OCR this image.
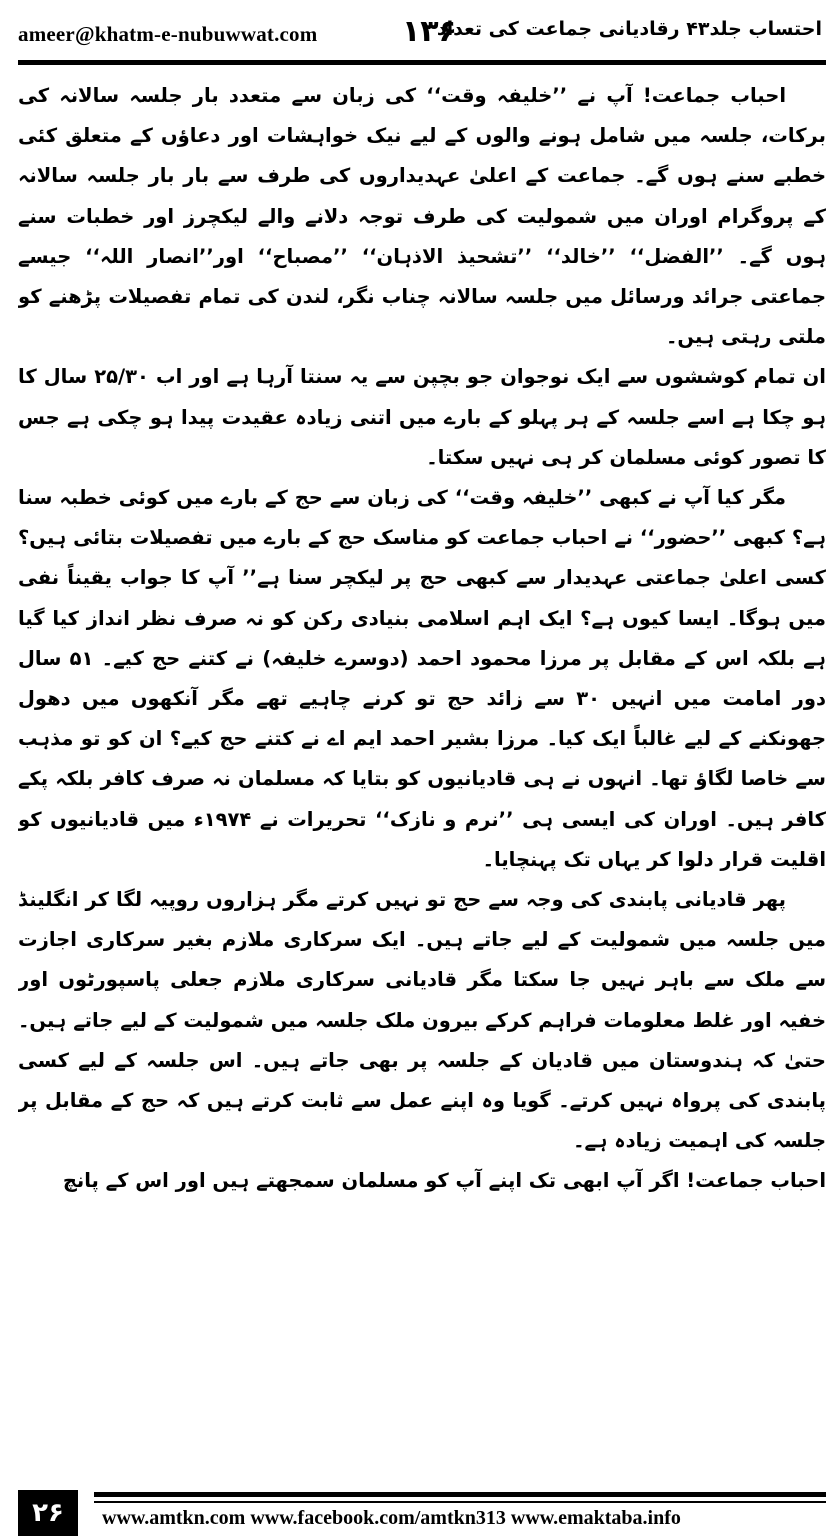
ameer@khatm-e-nubuwwat.com	۱۳۶
احتساب جلد۴۳ رقادیانی جماعت کی تعداد

احباب جماعت! آپ نے ’’خلیفہ وقت‘‘ کی زبان سے متعدد بار جلسہ سالانہ کی برکات، جلسہ میں شامل ہونے والوں کے لیے نیک خواہشات اور دعاؤں کے متعلق کئی خطبے سنے ہوں گے۔ جماعت کے اعلیٰ عہدیداروں کی طرف سے بار بار جلسہ سالانہ کے پروگرام اوران میں شمولیت کی طرف توجہ دلانے والے لیکچرز اور خطبات سنے ہوں گے۔ ’’الفضل‘‘ ’’خالد‘‘ ’’تشحیذ الاذہان‘‘ ’’مصباح‘‘ اور’’انصار اللہ‘‘ جیسے جماعتی جرائد ورسائل میں جلسہ سالانہ چناب نگر، لندن کی تمام تفصیلات پڑھنے کو ملتی رہتی ہیں۔

ان تمام کوششوں سے ایک نوجوان جو بچپن سے یہ سنتا آرہا ہے اور اب ۲۵/۳۰ سال کا ہو چکا ہے اسے جلسہ کے ہر پہلو کے بارے میں اتنی زیادہ عقیدت پیدا ہو چکی ہے جس کا تصور کوئی مسلمان کر ہی نہیں سکتا۔

مگر کیا آپ نے کبھی ’’خلیفہ وقت‘‘ کی زبان سے حج کے بارے میں کوئی خطبہ سنا ہے؟ کبھی ’’حضور‘‘ نے احباب جماعت کو مناسک حج کے بارے میں تفصیلات بتائی ہیں؟ کسی اعلیٰ جماعتی عہدیدار سے کبھی حج پر لیکچر سنا ہے’’ آپ کا جواب یقیناً نفی میں ہوگا۔ ایسا کیوں ہے؟ ایک اہم اسلامی بنیادی رکن کو نہ صرف نظر انداز کیا گیا ہے بلکہ اس کے مقابل پر مرزا محمود احمد (دوسرے خلیفہ) نے کتنے حج کیے۔ ۵۱ سال دور امامت میں انہیں ۳۰ سے زائد حج تو کرنے چاہیے تھے مگر آنکھوں میں دھول جھونکنے کے لیے غالباً ایک کیا۔ مرزا بشیر احمد ایم اے نے کتنے حج کیے؟ ان کو تو مذہب سے خاصا لگاؤ تھا۔ انہوں نے ہی قادیانیوں کو بتایا کہ مسلمان نہ صرف کافر بلکہ پکے کافر ہیں۔ اوران کی ایسی ہی ’’نرم و نازک‘‘ تحریرات نے ۱۹۷۴ء میں قادیانیوں کو اقلیت قرار دلوا کر یہاں تک پہنچایا۔

پھر قادیانی پابندی کی وجہ سے حج تو نہیں کرتے مگر ہزاروں روپیہ لگا کر انگلینڈ میں جلسہ میں شمولیت کے لیے جاتے ہیں۔ ایک سرکاری ملازم بغیر سرکاری اجازت سے ملک سے باہر نہیں جا سکتا مگر قادیانی سرکاری ملازم جعلی پاسپورٹوں اور خفیہ اور غلط معلومات فراہم کرکے بیرون ملک جلسہ میں شمولیت کے لیے جاتے ہیں۔ حتیٰ کہ ہندوستان میں قادیان کے جلسہ پر بھی جاتے ہیں۔ اس جلسہ کے لیے کسی پابندی کی پرواہ نہیں کرتے۔ گویا وہ اپنے عمل سے ثابت کرتے ہیں کہ حج کے مقابل پر جلسہ کی اہمیت زیادہ ہے۔

احباب جماعت! اگر آپ ابھی تک اپنے آپ کو مسلمان سمجھتے ہیں اور اس کے پانچ

۲۶	www.amtkn.com www.facebook.com/amtkn313 www.emaktaba.info
